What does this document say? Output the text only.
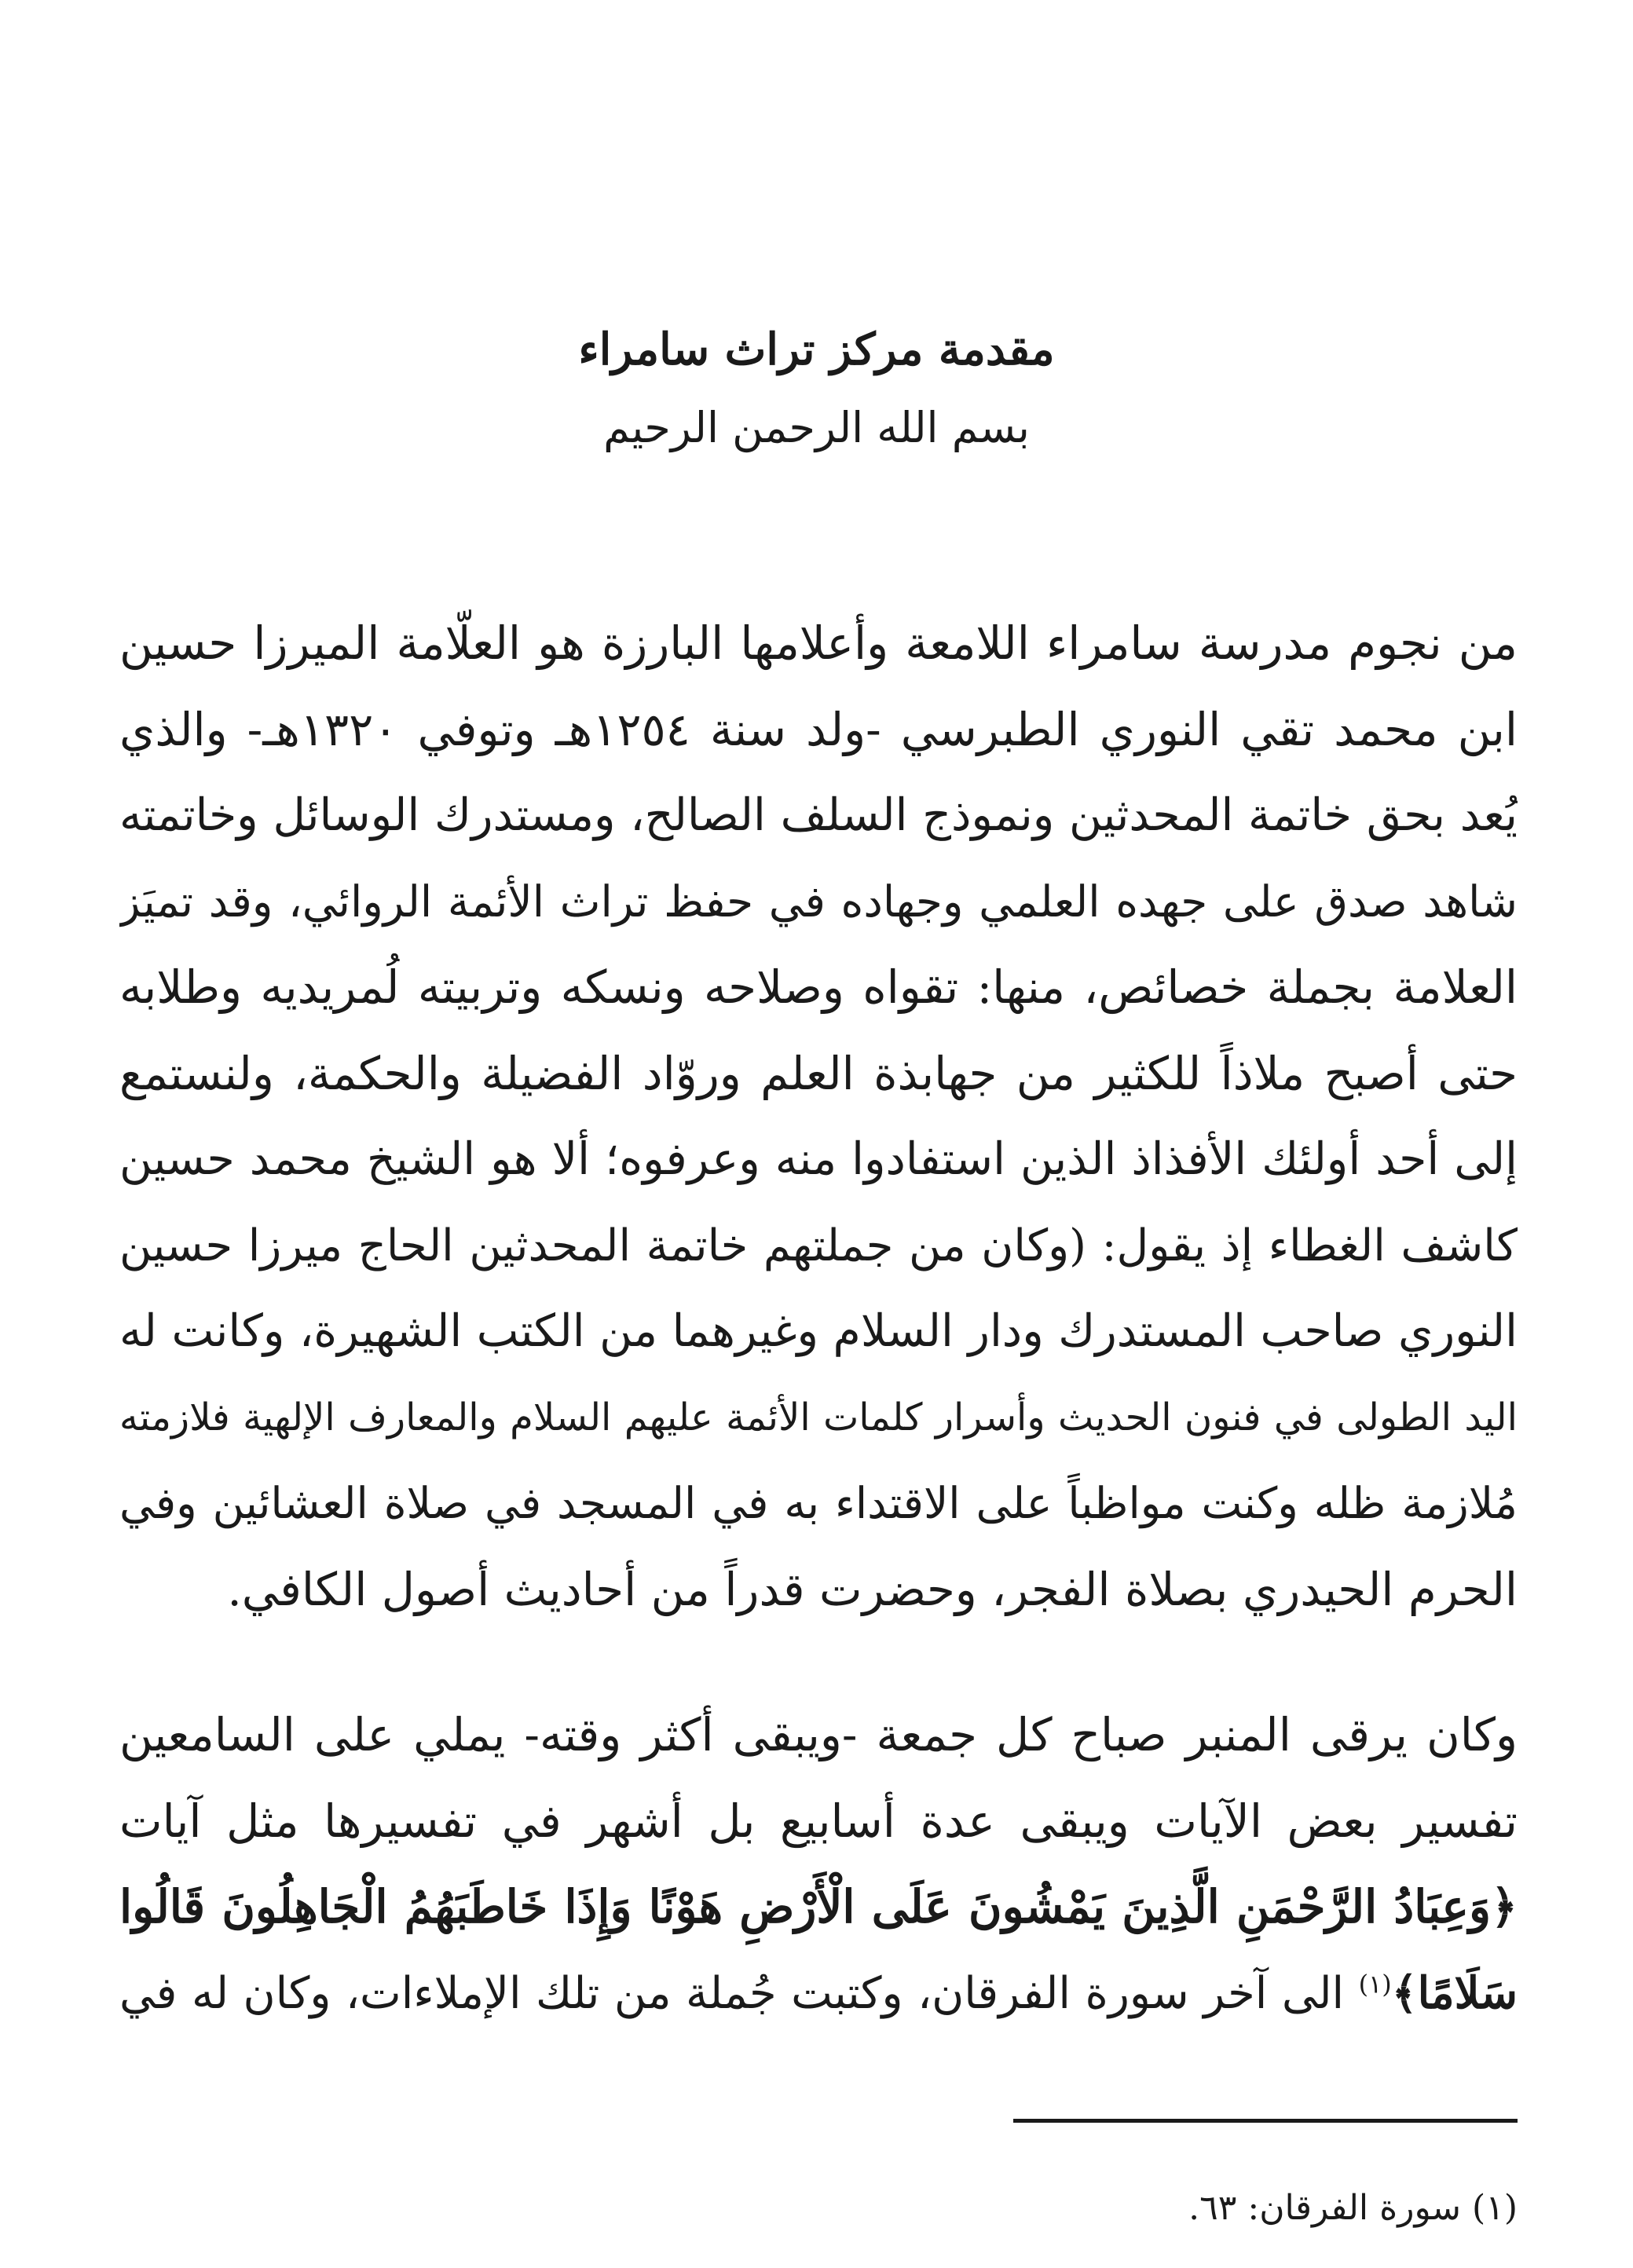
مقدمة مركز تراث سامراء
بسم الله الرحمن الرحيم
من نجوم مدرسة سامراء اللامعة وأعلامها البارزة هو العلّامة الميرزا حسين
ابن محمد تقي النوري الطبرسي -ولد سنة ١٢٥٤هـ وتوفي ١٣٢٠هـ- والذي
يُعد بحق خاتمة المحدثين ونموذج السلف الصالح، ومستدرك الوسائل وخاتمته
شاهد صدق على جهده العلمي وجهاده في حفظ تراث الأئمة الروائي، وقد تميَز
العلامة بجملة خصائص، منها: تقواه وصلاحه ونسكه وتربيته لُمريديه وطلابه
حتى أصبح ملاذاً للكثير من جهابذة العلم وروّاد الفضيلة والحكمة، ولنستمع
إلى أحد أولئك الأفذاذ الذين استفادوا منه وعرفوه؛ ألا هو الشيخ محمد حسين
كاشف الغطاء إذ يقول: (وكان من جملتهم خاتمة المحدثين الحاج ميرزا حسين
النوري صاحب المستدرك ودار السلام وغيرهما من الكتب الشهيرة، وكانت له
اليد الطولى في فنون الحديث وأسرار كلمات الأئمة عليهم السلام والمعارف الإلهية فلازمته
مُلازمة ظله وكنت مواظباً على الاقتداء به في المسجد في صلاة العشائين وفي
الحرم الحيدري بصلاة الفجر، وحضرت قدراً من أحاديث أصول الكافي.
وكان يرقى المنبر صباح كل جمعة -ويبقى أكثر وقته- يملي على السامعين
تفسير بعض الآيات ويبقى عدة أسابيع بل أشهر في تفسيرها مثل آيات
﴿وَعِبَادُ الرَّحْمَنِ الَّذِينَ يَمْشُونَ عَلَى الْأَرْضِ هَوْنًا وَإِذَا خَاطَبَهُمُ الْجَاهِلُونَ قَالُوا
سَلَامًا﴾$^{(١)}$ الى آخر سورة الفرقان، وكتبت جُملة من تلك الإملاءات، وكان له في
(١) سورة الفرقان: ٦٣.
